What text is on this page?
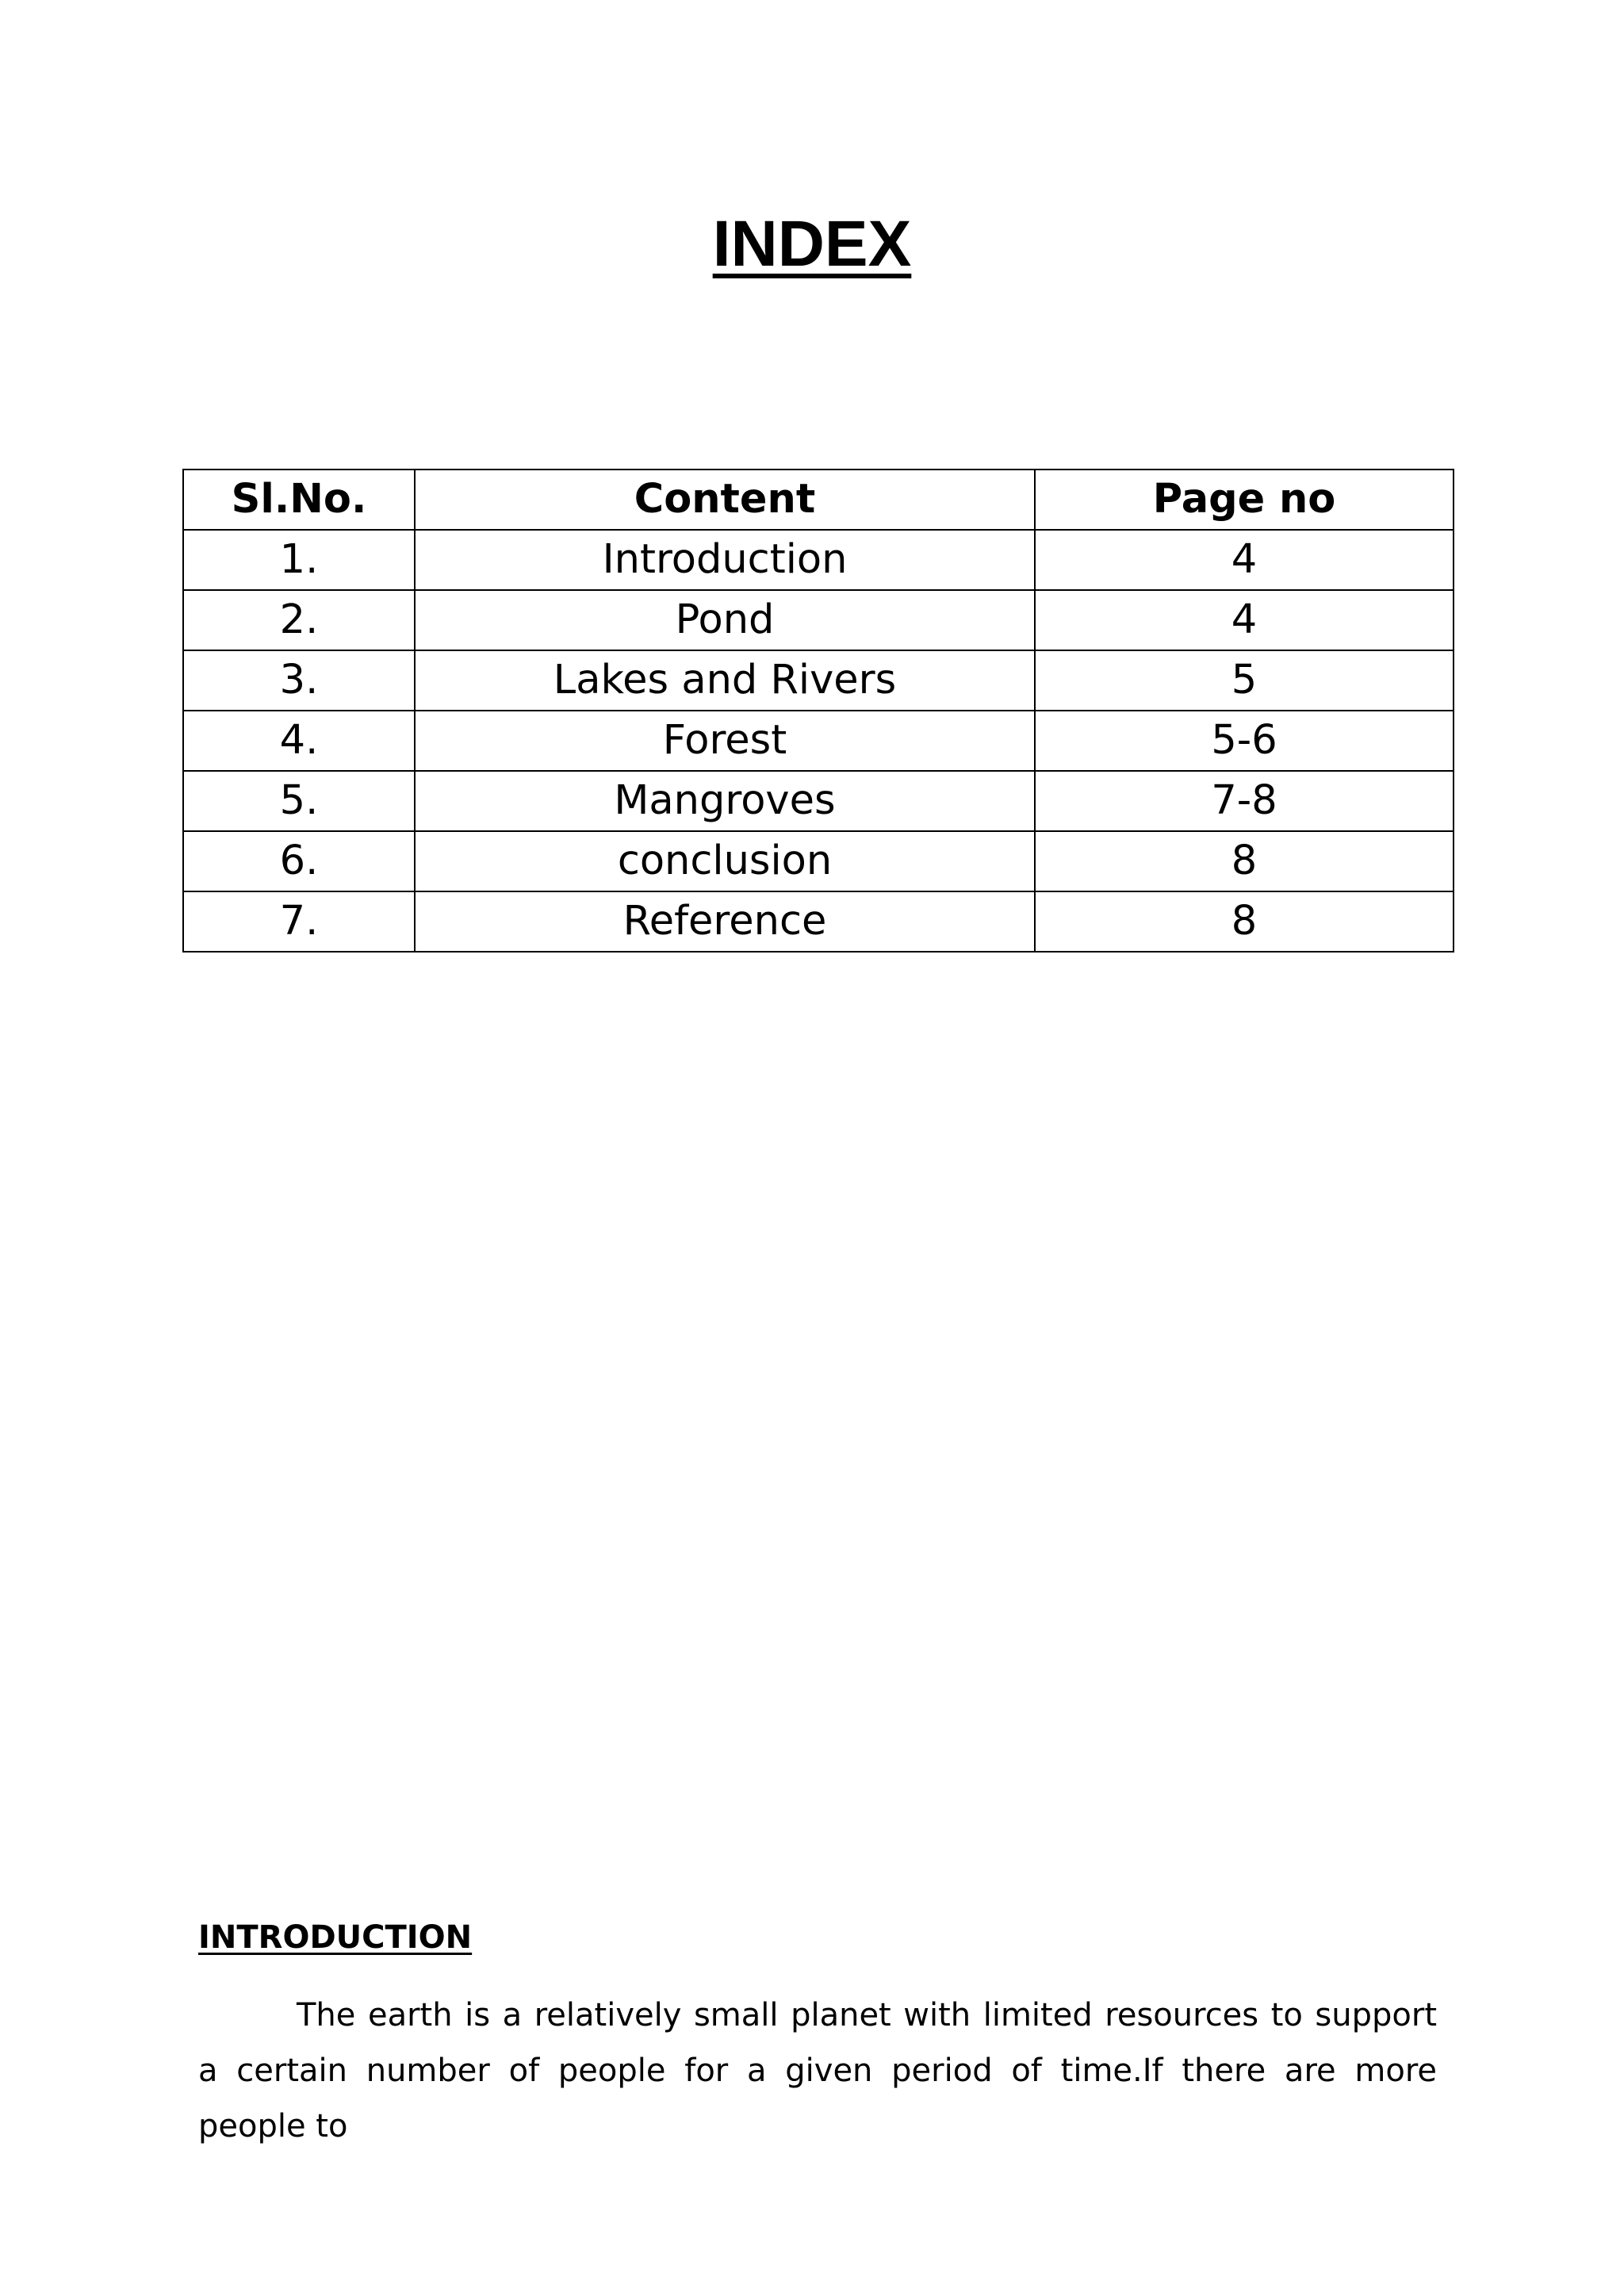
INDEX
Sl.No.	Content	Page no
1.	Introduction	4
2.	Pond	4
3.	Lakes and Rivers	5
4.	Forest	5-6
5.	Mangroves	7-8
6.	conclusion	8
7.	Reference	8
INTRODUCTION

The earth is a relatively small planet with limited resources to support a certain number of people for a given period of time.If there are more people to
